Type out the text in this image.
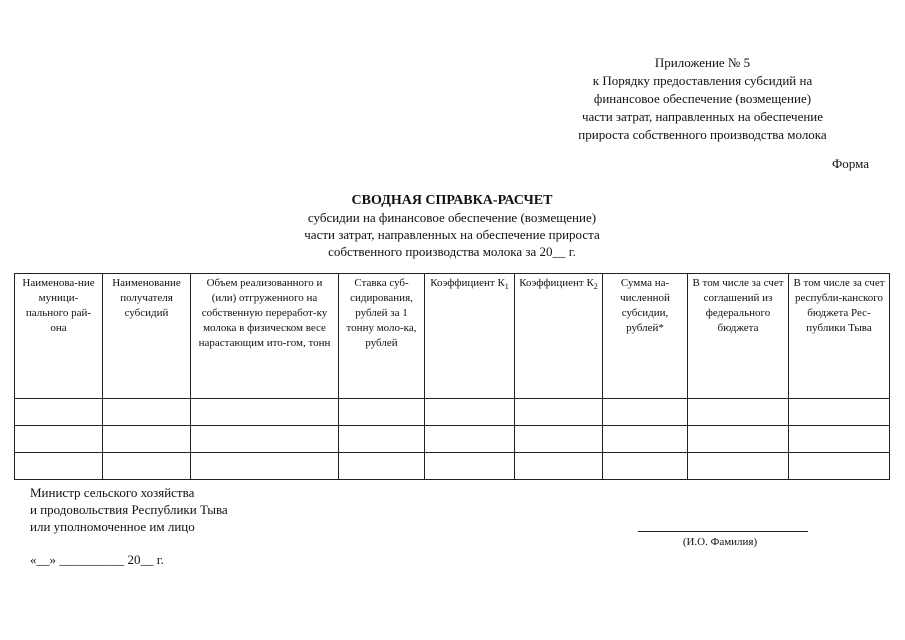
Приложение № 5
к Порядку предоставления субсидий на
финансовое обеспечение (возмещение)
части затрат, направленных на обеспечение
прироста собственного производства молока
Форма
СВОДНАЯ СПРАВКА-РАСЧЕТ
субсидии на финансовое обеспечение (возмещение)
части затрат, направленных на обеспечение прироста
собственного производства молока за 20__ г.
Наименова-ние муници-пального рай-она	Наименование получателя субсидий	Объем реализованного и (или) отгруженного на собственную переработ-ку молока в физическом весе нарастающим ито-гом, тонн	Ставка суб-сидирования, рублей за 1 тонну моло-ка, рублей	Коэффициент $К_1$	Коэффициент $К_2$	Сумма на-численной субсидии, рублей*	В том числе за счет соглашений из федерального бюджета	В том числе за счет республи-канского бюджета Рес-публики Тыва

Министр сельского хозяйства
и продовольствия Республики Тыва
или уполномоченное им лицо
«__» __________ 20__ г.
(И.О. Фамилия)
